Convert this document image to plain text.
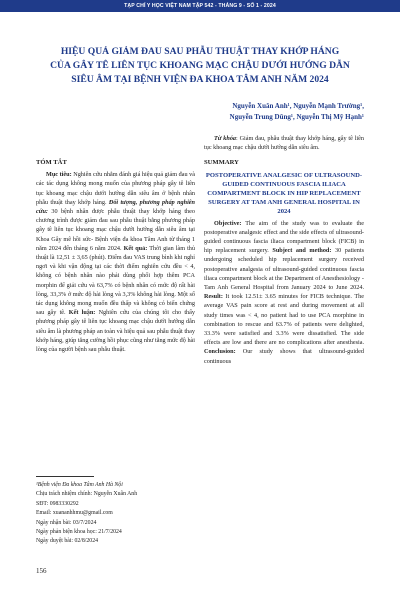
TẠP CHÍ Y HỌC VIỆT NAM TẬP 542 - THÁNG 9 - SỐ 1 - 2024
HIỆU QUẢ GIẢM ĐAU SAU PHẪU THUẬT THAY KHỚP HÁNG
CỦA GÂY TÊ LIÊN TỤC KHOANG MẠC CHẬU DƯỚI HƯỚNG DẪN
SIÊU ÂM TẠI BỆNH VIỆN ĐA KHOA TÂM ANH NĂM 2024
Nguyễn Xuân Anh¹, Nguyễn Mạnh Trường¹,
Nguyễn Trung Dũng¹, Nguyễn Thị Mỹ Hạnh¹
TÓM TẮT

Mục tiêu: Nghiên cứu nhằm đánh giá hiệu quả giảm đau và các tác dụng không mong muốn của phương pháp gây tê liên tục khoang mạc chậu dưới hướng dẫn siêu âm ở bệnh nhân phẫu thuật thay khớp háng. Đối tượng, phương pháp nghiên cứu: 30 bệnh nhân được phẫu thuật thay khớp háng theo chương trình được giảm đau sau phẫu thuật bằng phương pháp gây tê liên tục khoang mạc chậu dưới hướng dẫn siêu âm tại Khoa Gây mê hồi sức- Bệnh viện đa khoa Tâm Anh từ tháng 1 năm 2024 đến tháng 6 năm 2024. Kết quả: Thời gian làm thủ thuật là 12,51 ± 3,65 (phút). Điểm đau VAS trung bình khi nghỉ ngơi và khi vận động tại các thời điểm nghiên cứu đều < 4, không có bệnh nhân nào phải dùng phối hợp thêm PCA morphin để giải cứu và 63,7% có bệnh nhân có mức độ rất hài lòng, 33,3% ở mức độ hài lòng và 3,3% không hài lòng. Một số tác dụng không mong muốn đều thấp và không có biến chứng sau gây tê. Kết luận: Nghiên cứu của chúng tôi cho thấy phương pháp gây tê liên tục khoang mạc chậu dưới hướng dẫn siêu âm là phương pháp an toàn và hiệu quả sau phẫu thuật thay khớp háng, giúp tăng cường hồi phục cũng như tăng mức độ hài lòng của người bệnh sau phẫu thuật.

Từ khóa: Giảm đau, phẫu thuật thay khớp háng, gây tê liên tục khoang mạc chậu dưới hướng dẫn siêu âm.

SUMMARY
POSTOPERATIVE ANALGESIC OF ULTRASOUND-GUIDED CONTINUOUS FASCIA ILIACA COMPARTMENT BLOCK IN HIP REPLACEMENT SURGERY AT TAM ANH GENERAL HOSPITAL IN 2024

Objective: The aim of the study was to evaluate the postoperative analgesic effect and the side effects of ultrasound-guided continuous fascia iliaca compartment block (FICB) in hip replacement surgery. Subject and method: 30 patients undergoing scheduled hip replacement surgery received postoperative analgesia of ultrasound-guided continuous fascia iliaca compartment block at the Department of Anesthesiology - Tam Anh General Hospital from January 2024 to June 2024. Result: It took 12.51± 3.65 minutes for FICB technique. The average VAS pain score at rest and during movement at all study times was < 4, no patient had to use PCA morphine in combination to rescue and 63.7% of patients were delighted, 33.3% were satisfied and 3.3% were dissatisfied. The side effects are low and there are no complications after anesthesia. Conclusion: Our study shows that ultrasound-guided continuous

¹Bệnh viện Đa khoa Tâm Anh Hà Nội
Chịu trách nhiệm chính: Nguyễn Xuân Anh
SĐT: 0983330292
Email: xuananhhmu@gmail.com
Ngày nhận bài: 03/7/2024
Ngày phản biện khoa học: 21/7/2024
Ngày duyệt bài: 02/8/2024
156
